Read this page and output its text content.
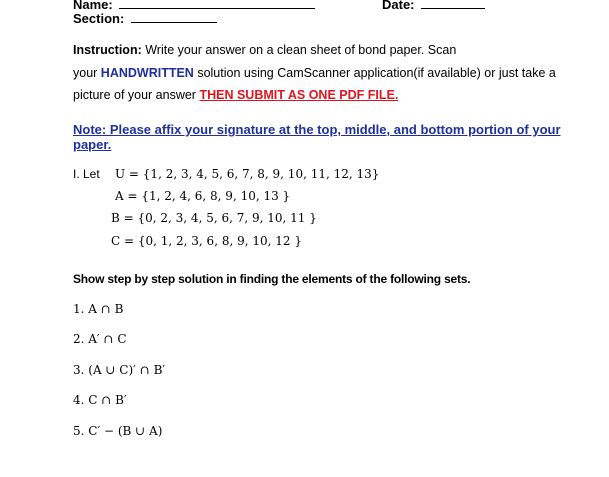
Name:	Date:
Section:
Instruction: Write your answer on a clean sheet of bond paper. Scan
your HANDWRITTEN solution using CamScanner application(if available) or just take a
picture of your answer THEN SUBMIT AS ONE PDF FILE.
Note: Please affix your signature at the top, middle, and bottom portion of your paper.
I. Let U = {1, 2, 3, 4, 5, 6, 7, 8, 9, 10, 11, 12, 13}
A = {1, 2, 4, 6, 8, 9, 10, 13 }
B = {0, 2, 3, 4, 5, 6, 7, 9, 10, 11 }
C = {0, 1, 2, 3, 6, 8, 9, 10, 12 }
Show step by step solution in finding the elements of the following sets.
1. A ∩ B
2. A′ ∩ C
3. (A ∪ C)′ ∩ B′
4. C ∩ B′
5. C′ − (B ∪ A)
